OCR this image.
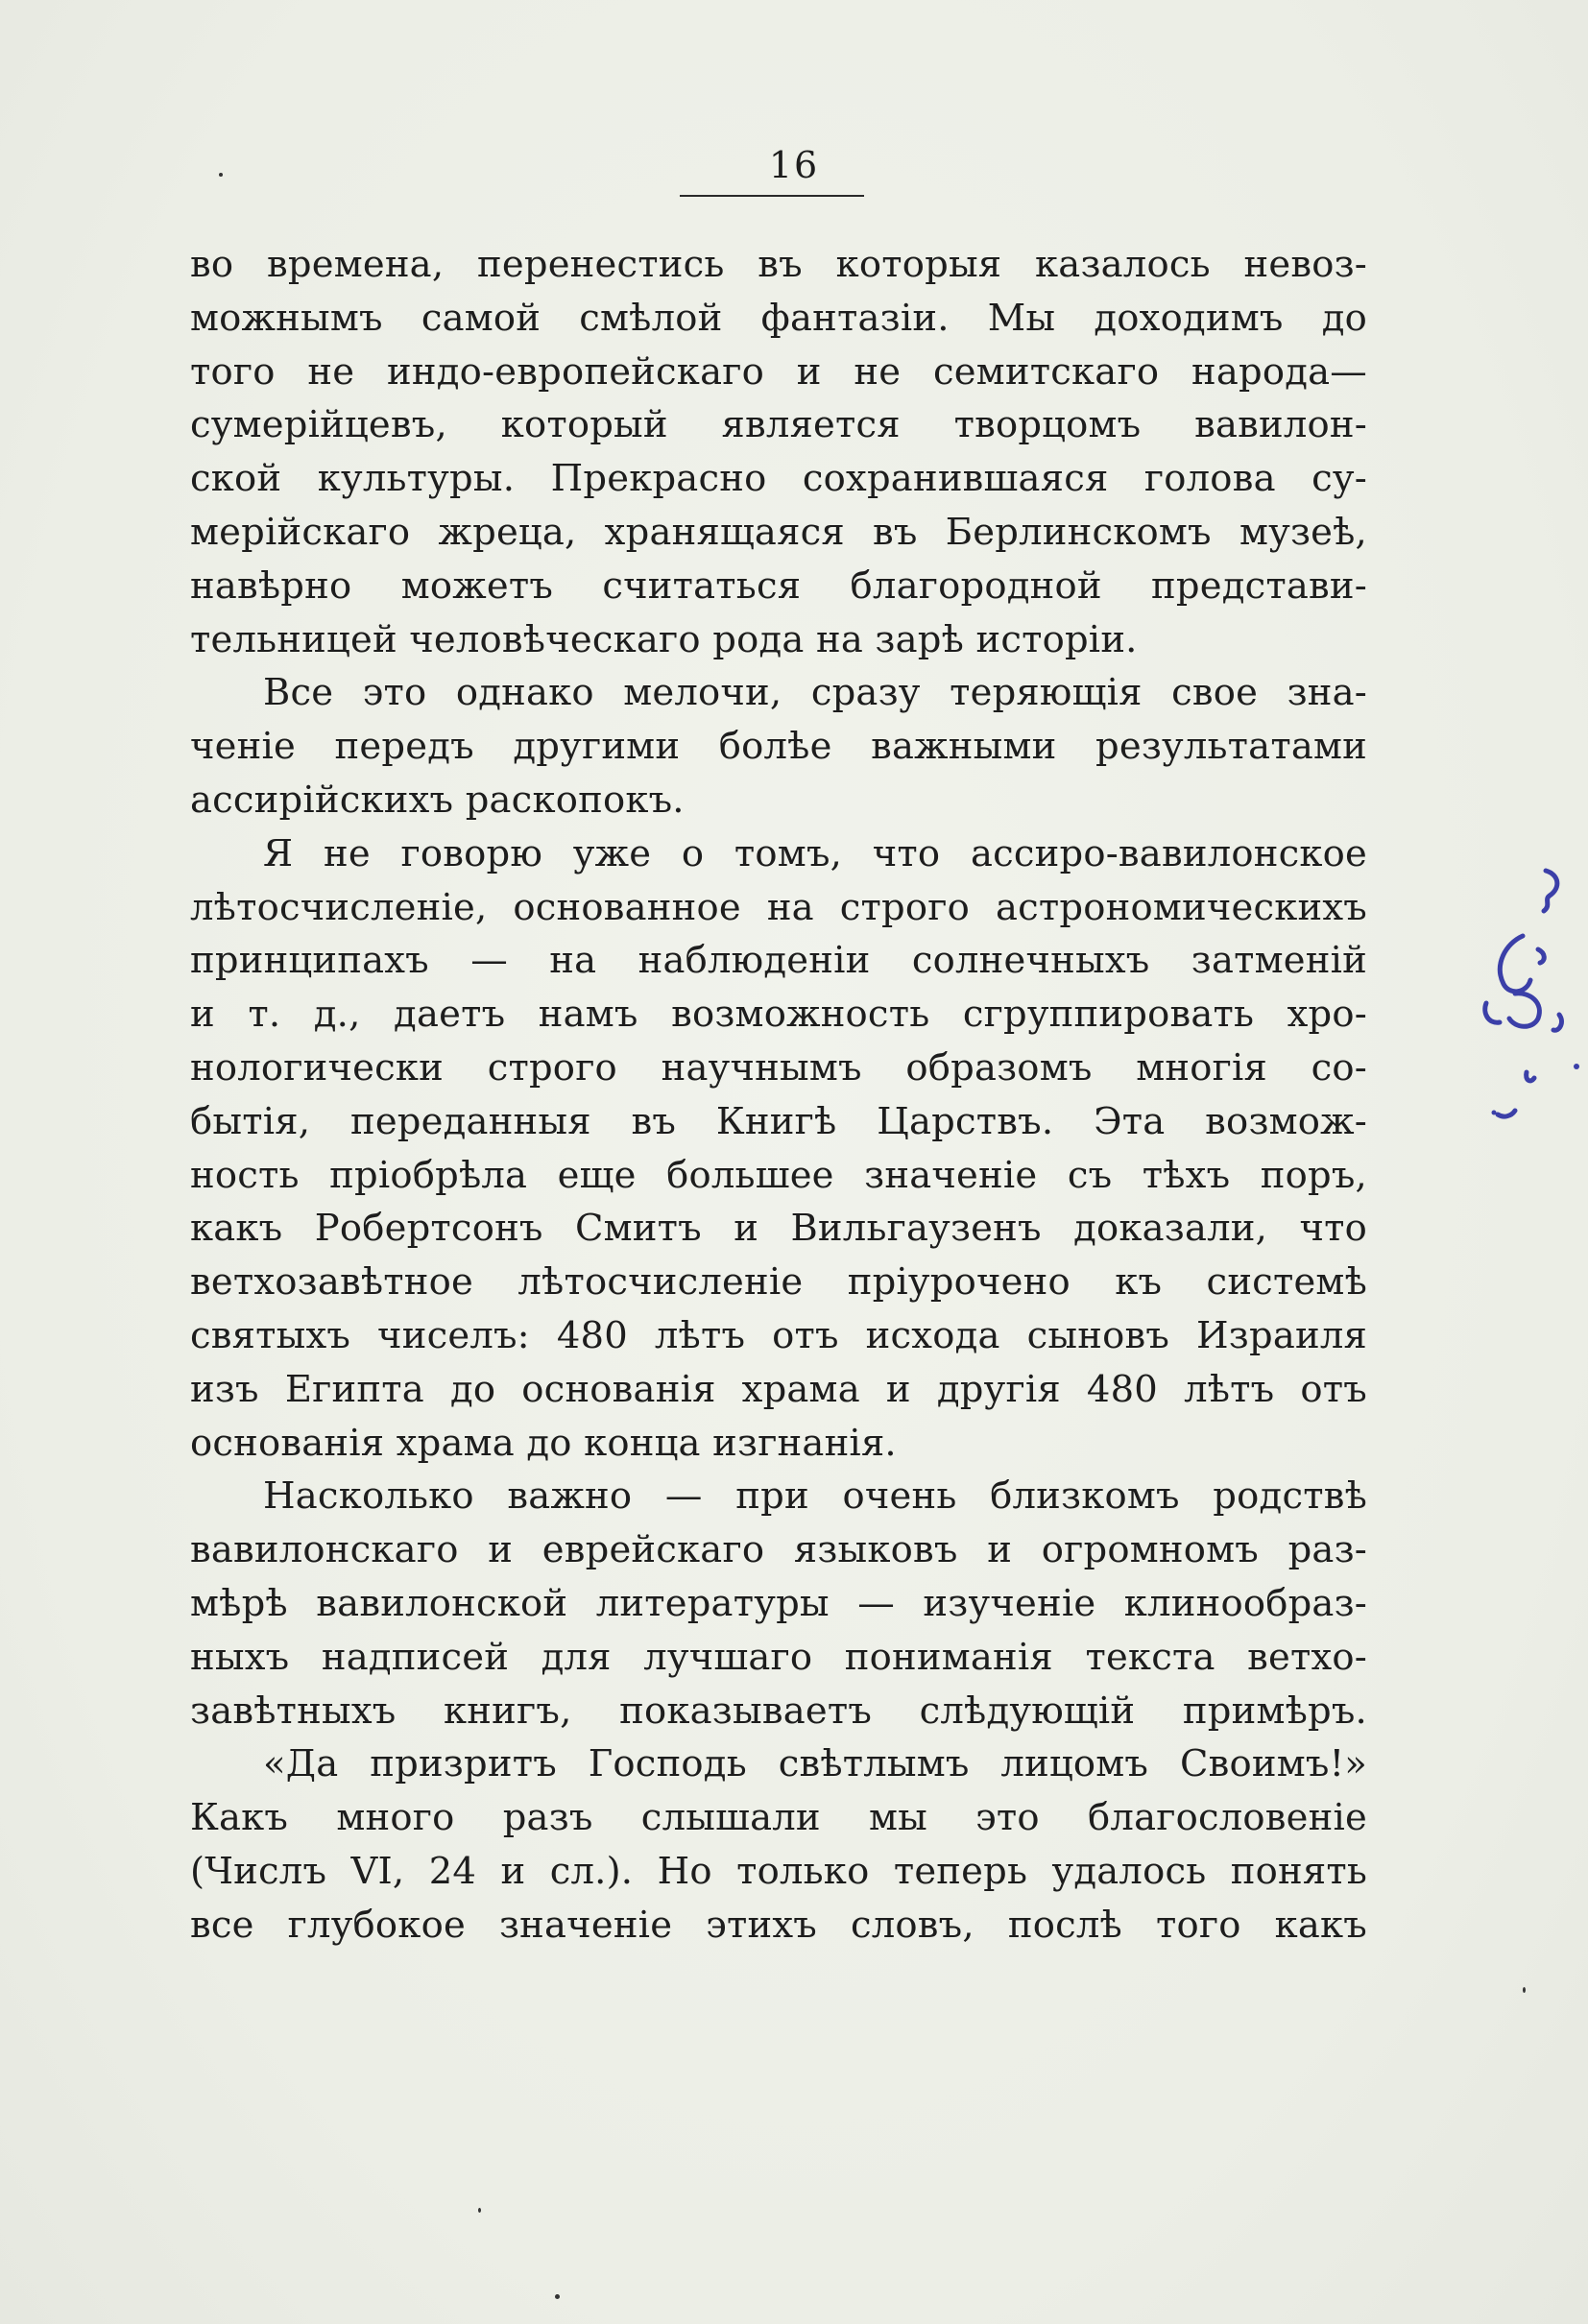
16
во времена, перенестись въ которыя казалось невоз-
можнымъ самой смѣлой фантазіи. Мы доходимъ до
того не индо-европейскаго и не семитскаго народа—
сумерійцевъ, который является творцомъ вавилон-
ской культуры. Прекрасно сохранившаяся голова су-
мерійскаго жреца, хранящаяся въ Берлинскомъ музеѣ,
навѣрно можетъ считаться благородной представи-
тельницей человѣческаго рода на зарѣ исторіи.
Все это однако мелочи, сразу теряющія свое зна-
ченіе передъ другими болѣе важными результатами
ассирійскихъ раскопокъ.
Я не говорю уже о томъ, что ассиро-вавилонское
лѣтосчисленіе, основанное на строго астрономическихъ
принципахъ — на наблюденіи солнечныхъ затменій
и т. д., даетъ намъ возможность сгруппировать хро-
нологически строго научнымъ образомъ многія со-
бытія, переданныя въ Книгѣ Царствъ. Эта возмож-
ность пріобрѣла еще большее значеніе съ тѣхъ поръ,
какъ Робертсонъ Смитъ и Вильгаузенъ доказали, что
ветхозавѣтное лѣтосчисленіе пріурочено къ системѣ
святыхъ чиселъ: 480 лѣтъ отъ исхода сыновъ Израиля
изъ Египта до основанія храма и другія 480 лѣтъ отъ
основанія храма до конца изгнанія.
Насколько важно — при очень близкомъ родствѣ
вавилонскаго и еврейскаго языковъ и огромномъ раз-
мѣрѣ вавилонской литературы — изученіе клинообраз-
ныхъ надписей для лучшаго пониманія текста ветхо-
завѣтныхъ книгъ, показываетъ слѣдующій примѣръ.
«Да призритъ Господь свѣтлымъ лицомъ Своимъ!»
Какъ много разъ слышали мы это благословеніе
(Числъ VI, 24 и сл.). Но только теперь удалось понять
все глубокое значеніе этихъ словъ, послѣ того какъ
